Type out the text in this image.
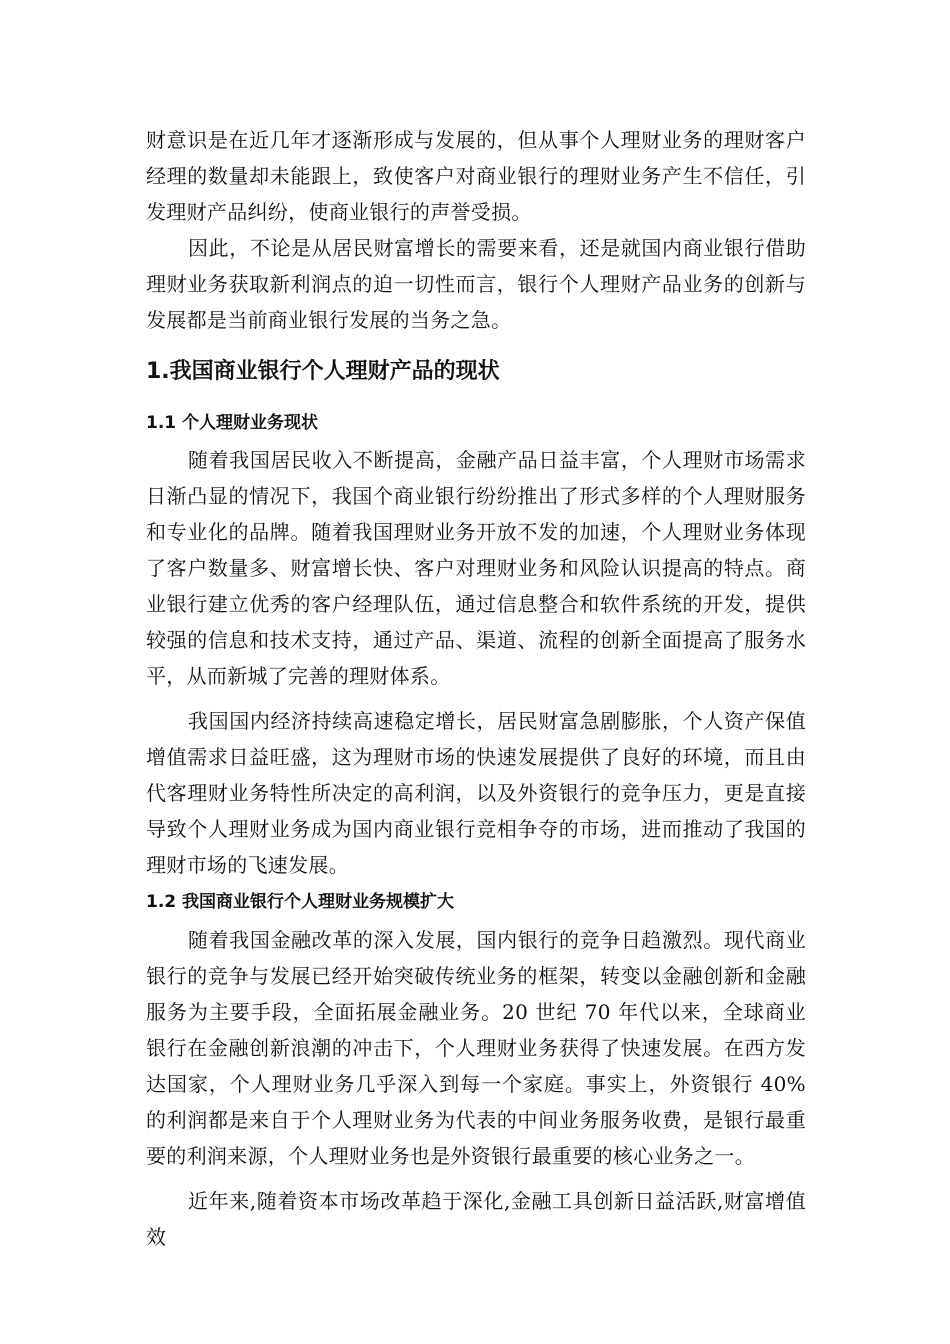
财意识是在近几年才逐渐形成与发展的，但从事个人理财业务的理财客户经理的数量却未能跟上，致使客户对商业银行的理财业务产生不信任，引发理财产品纠纷，使商业银行的声誉受损。

因此，不论是从居民财富增长的需要来看，还是就国内商业银行借助理财业务获取新利润点的迫一切性而言，银行个人理财产品业务的创新与发展都是当前商业银行发展的当务之急。

1.我国商业银行个人理财产品的现状
1.1 个人理财业务现状

随着我国居民收入不断提高，金融产品日益丰富，个人理财市场需求日渐凸显的情况下，我国个商业银行纷纷推出了形式多样的个人理财服务和专业化的品牌。随着我国理财业务开放不发的加速，个人理财业务体现了客户数量多、财富增长快、客户对理财业务和风险认识提高的特点。商业银行建立优秀的客户经理队伍，通过信息整合和软件系统的开发，提供较强的信息和技术支持，通过产品、渠道、流程的创新全面提高了服务水平，从而新城了完善的理财体系。

我国国内经济持续高速稳定增长，居民财富急剧膨胀，个人资产保值增值需求日益旺盛，这为理财市场的快速发展提供了良好的环境，而且由代客理财业务特性所决定的高利润，以及外资银行的竞争压力，更是直接导致个人理财业务成为国内商业银行竞相争夺的市场，进而推动了我国的理财市场的飞速发展。

1.2 我国商业银行个人理财业务规模扩大

随着我国金融改革的深入发展，国内银行的竞争日趋激烈。现代商业银行的竞争与发展已经开始突破传统业务的框架，转变以金融创新和金融服务为主要手段，全面拓展金融业务。20 世纪 70 年代以来，全球商业银行在金融创新浪潮的冲击下，个人理财业务获得了快速发展。在西方发达国家，个人理财业务几乎深入到每一个家庭。事实上，外资银行 40%的利润都是来自于个人理财业务为代表的中间业务服务收费，是银行最重要的利润来源，个人理财业务也是外资银行最重要的核心业务之一。

近年来,随着资本市场改革趋于深化,金融工具创新日益活跃,财富增值效
